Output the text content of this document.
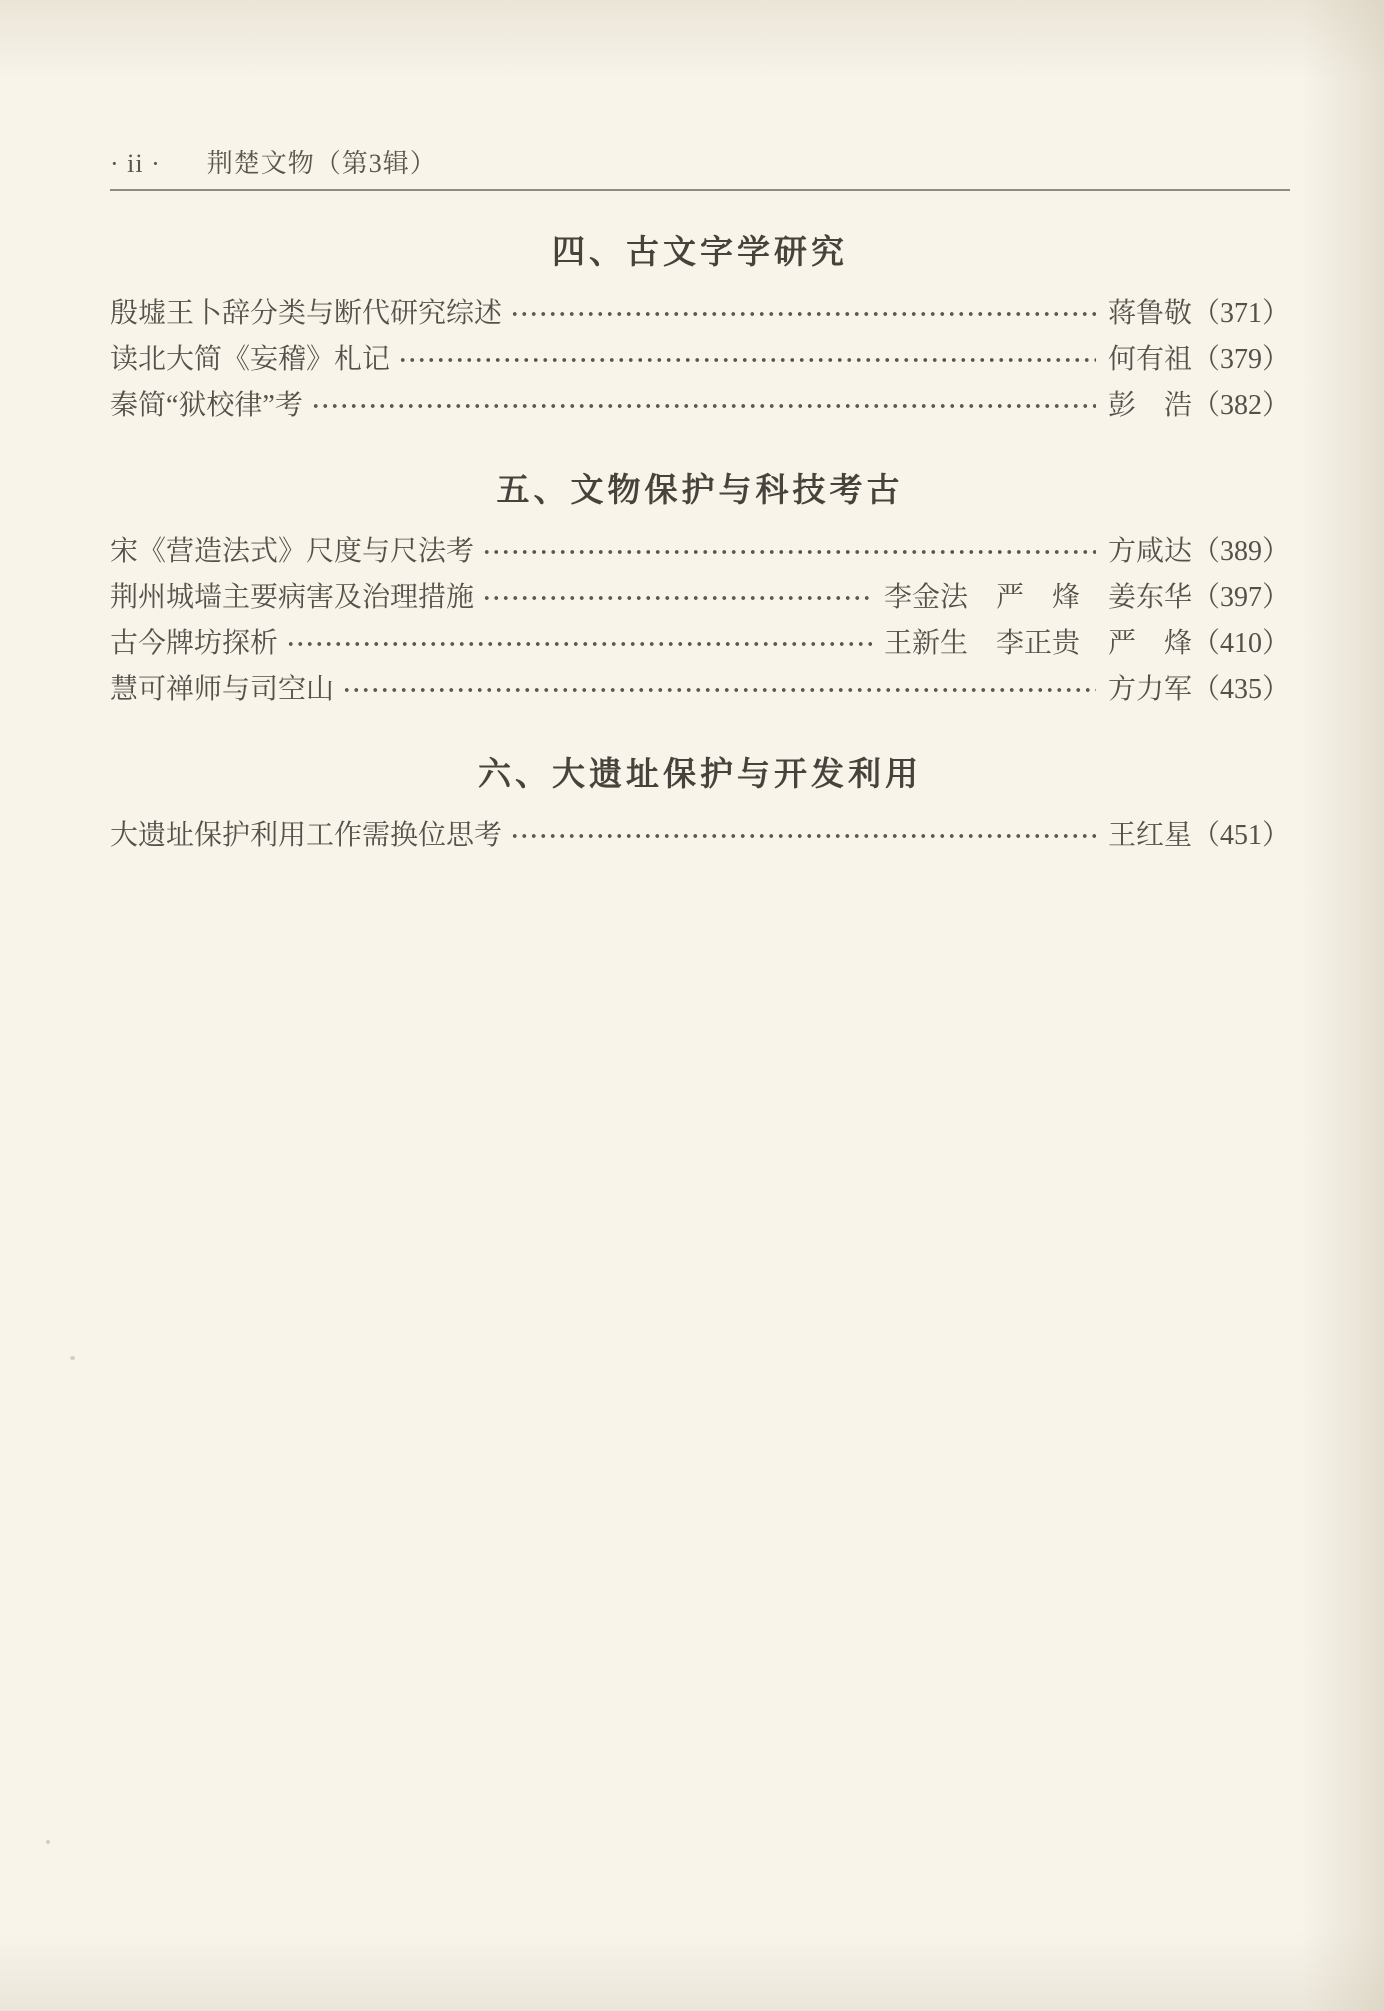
· ii · 荆楚文物（第3辑）
四、古文字学研究
殷墟王卜辞分类与断代研究综述	蒋鲁敬 （371）
读北大简《妄稽》札记	何有祖 （379）
秦简“狱校律”考	彭　浩 （382）
五、文物保护与科技考古
宋《营造法式》尺度与尺法考	方咸达 （389）
荆州城墙主要病害及治理措施	李金法　严　烽　姜东华 （397）
古今牌坊探析	王新生　李正贵　严　烽 （410）
慧可禅师与司空山	方力军 （435）
六、大遗址保护与开发利用
大遗址保护利用工作需换位思考	王红星 （451）
